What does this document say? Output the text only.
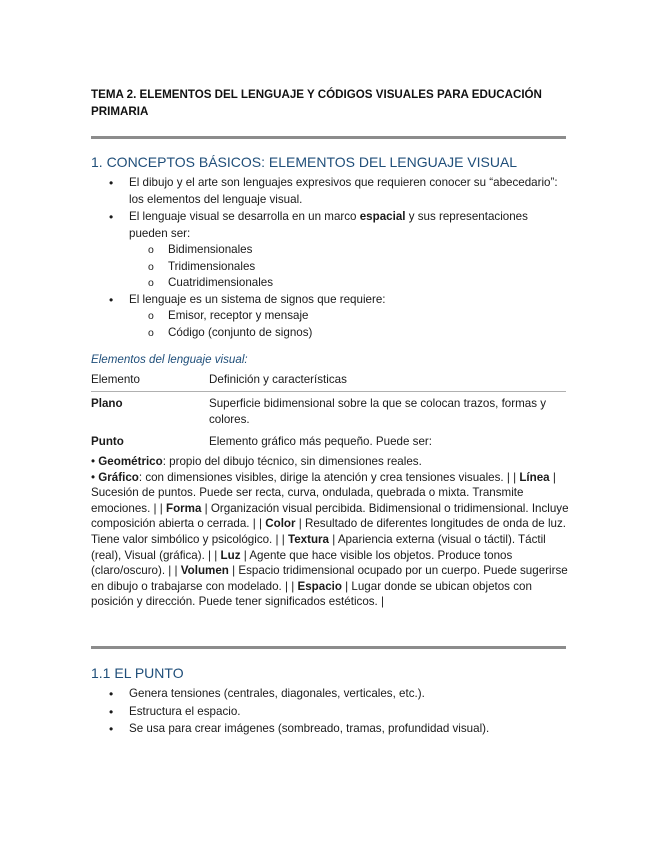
TEMA 2. ELEMENTOS DEL LENGUAJE Y CÓDIGOS VISUALES PARA EDUCACIÓN PRIMARIA
1. CONCEPTOS BÁSICOS: ELEMENTOS DEL LENGUAJE VISUAL
• El dibujo y el arte son lenguajes expresivos que requieren conocer su “abecedario”: los elementos del lenguaje visual.
• El lenguaje visual se desarrolla en un marco espacial y sus representaciones pueden ser:
o Bidimensionales
o Tridimensionales
o Cuatridimensionales
• El lenguaje es un sistema de signos que requiere:
o Emisor, receptor y mensaje
o Código (conjunto de signos)
Elementos del lenguaje visual:
Elemento	Definición y características
Plano	Superficie bidimensional sobre la que se colocan trazos, formas y colores.
Punto	Elemento gráfico más pequeño. Puede ser:
• Geométrico: propio del dibujo técnico, sin dimensiones reales.
• Gráfico: con dimensiones visibles, dirige la atención y crea tensiones visuales. | | Línea | Sucesión de puntos. Puede ser recta, curva, ondulada, quebrada o mixta. Transmite emociones. | | Forma | Organización visual percibida. Bidimensional o tridimensional. Incluye composición abierta o cerrada. | | Color | Resultado de diferentes longitudes de onda de luz. Tiene valor simbólico y psicológico. | | Textura | Apariencia externa (visual o táctil). Táctil (real), Visual (gráfica). | | Luz | Agente que hace visible los objetos. Produce tonos (claro/oscuro). | | Volumen | Espacio tridimensional ocupado por un cuerpo. Puede sugerirse en dibujo o trabajarse con modelado. | | Espacio | Lugar donde se ubican objetos con posición y dirección. Puede tener significados estéticos. |
1.1 EL PUNTO
• Genera tensiones (centrales, diagonales, verticales, etc.).
• Estructura el espacio.
• Se usa para crear imágenes (sombreado, tramas, profundidad visual).
